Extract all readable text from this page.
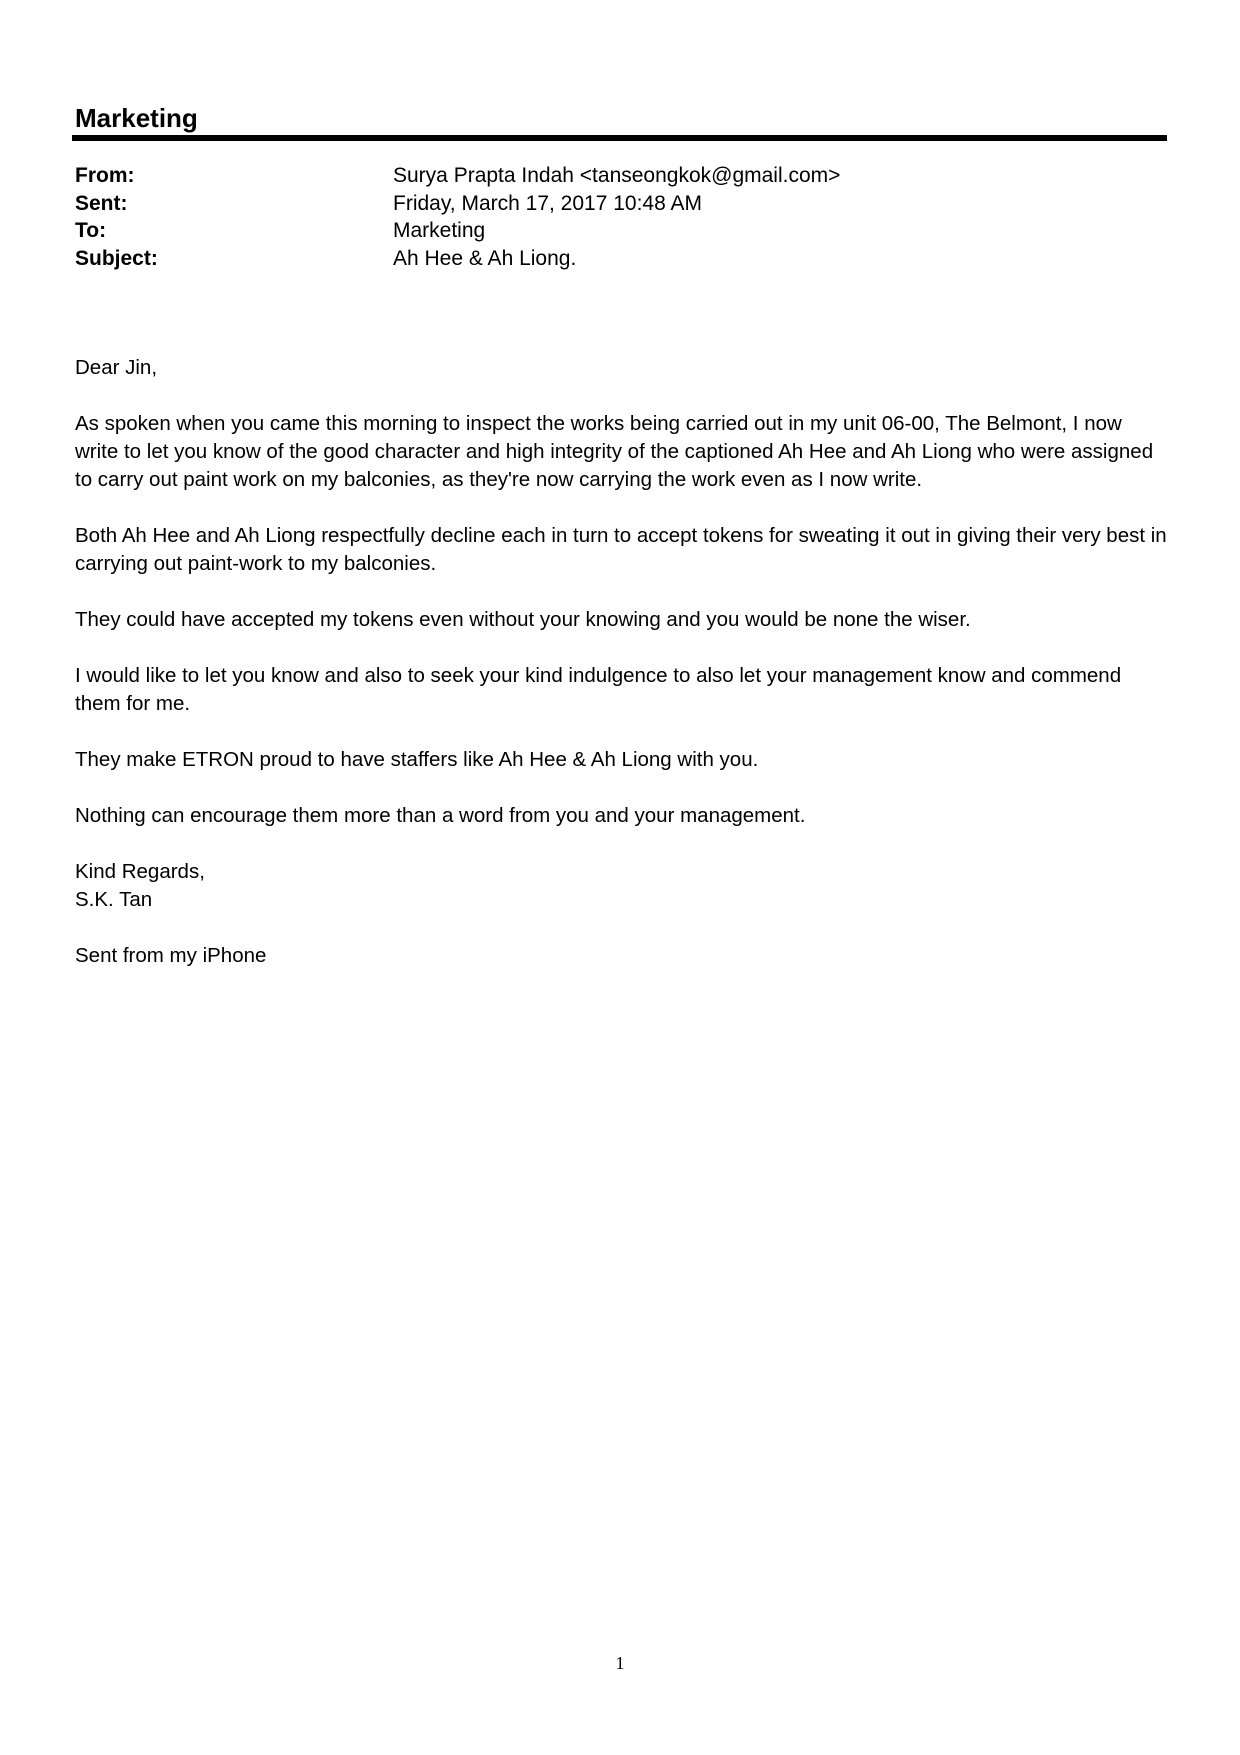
Marketing
From:	Surya Prapta Indah <tanseongkok@gmail.com>
Sent:	Friday, March 17, 2017 10:48 AM
To:	Marketing
Subject:	Ah Hee & Ah Liong.

Dear Jin,

As spoken when you came this morning to inspect the works being carried out in my unit 06-00, The Belmont, I now write to let you know of the good character and high integrity of the captioned Ah Hee and Ah Liong who were assigned to carry out paint work on my balconies, as they're now carrying the work even as I now write.

Both Ah Hee and Ah Liong respectfully decline each in turn to accept tokens for sweating it out in giving their very best in carrying out paint-work to my balconies.

They could have accepted my tokens even without your knowing and you would be none the wiser.

I would like to let you know and also to seek your kind indulgence to also let your management know and commend them for me.

They make ETRON proud to have staffers like Ah Hee & Ah Liong with you.

Nothing can encourage them more than a word from you and your management.

Kind Regards,
S.K. Tan

Sent from my iPhone

1
